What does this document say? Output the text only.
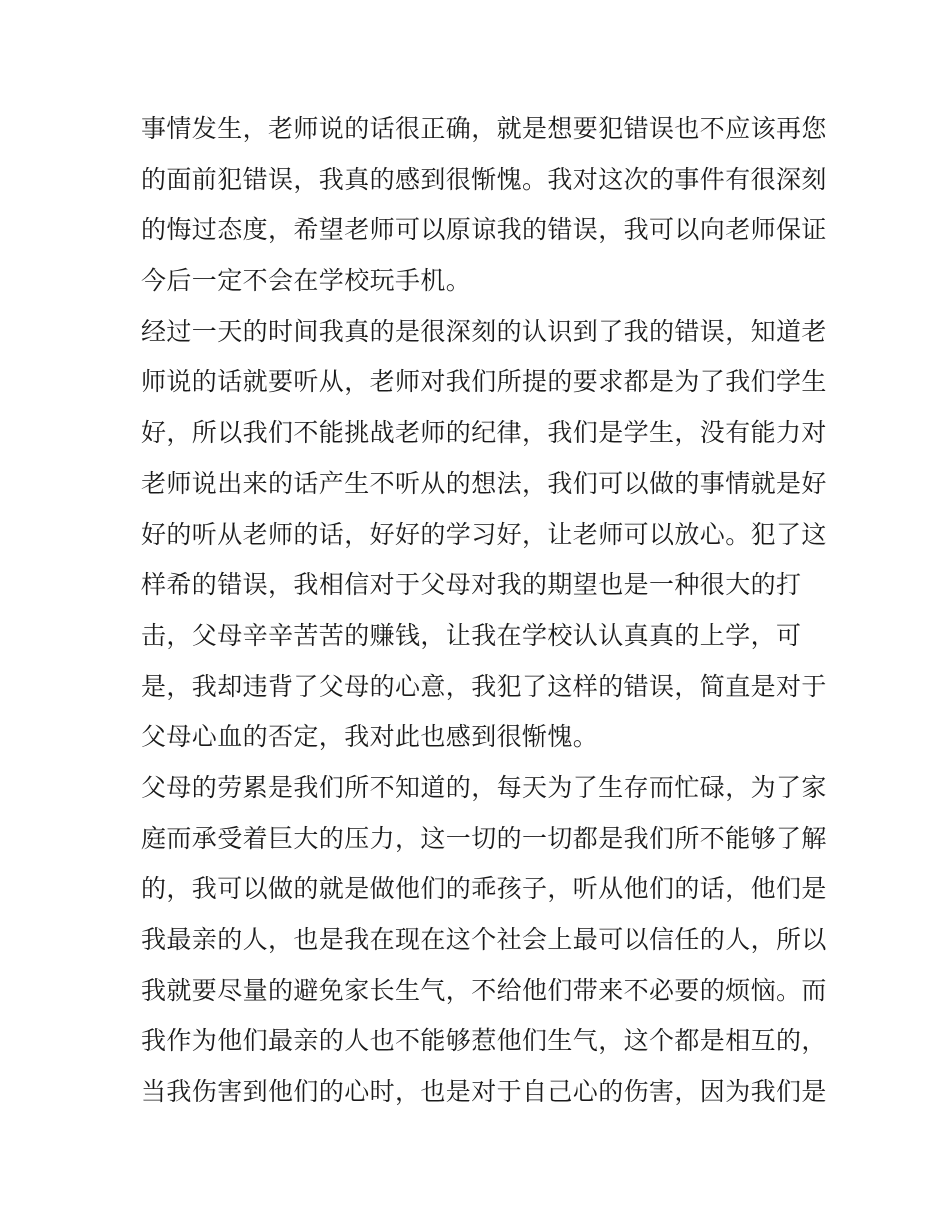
事情发生，老师说的话很正确，就是想要犯错误也不应该再您
的面前犯错误，我真的感到很惭愧。我对这次的事件有很深刻
的悔过态度，希望老师可以原谅我的错误，我可以向老师保证
今后一定不会在学校玩手机。
经过一天的时间我真的是很深刻的认识到了我的错误，知道老
师说的话就要听从，老师对我们所提的要求都是为了我们学生
好，所以我们不能挑战老师的纪律，我们是学生，没有能力对
老师说出来的话产生不听从的想法，我们可以做的事情就是好
好的听从老师的话，好好的学习好，让老师可以放心。犯了这
样希的错误，我相信对于父母对我的期望也是一种很大的打
击，父母辛辛苦苦的赚钱，让我在学校认认真真的上学，可
是，我却违背了父母的心意，我犯了这样的错误，简直是对于
父母心血的否定，我对此也感到很惭愧。
父母的劳累是我们所不知道的，每天为了生存而忙碌，为了家
庭而承受着巨大的压力，这一切的一切都是我们所不能够了解
的，我可以做的就是做他们的乖孩子，听从他们的话，他们是
我最亲的人，也是我在现在这个社会上最可以信任的人，所以
我就要尽量的避免家长生气，不给他们带来不必要的烦恼。而
我作为他们最亲的人也不能够惹他们生气，这个都是相互的，
当我伤害到他们的心时，也是对于自己心的伤害，因为我们是
